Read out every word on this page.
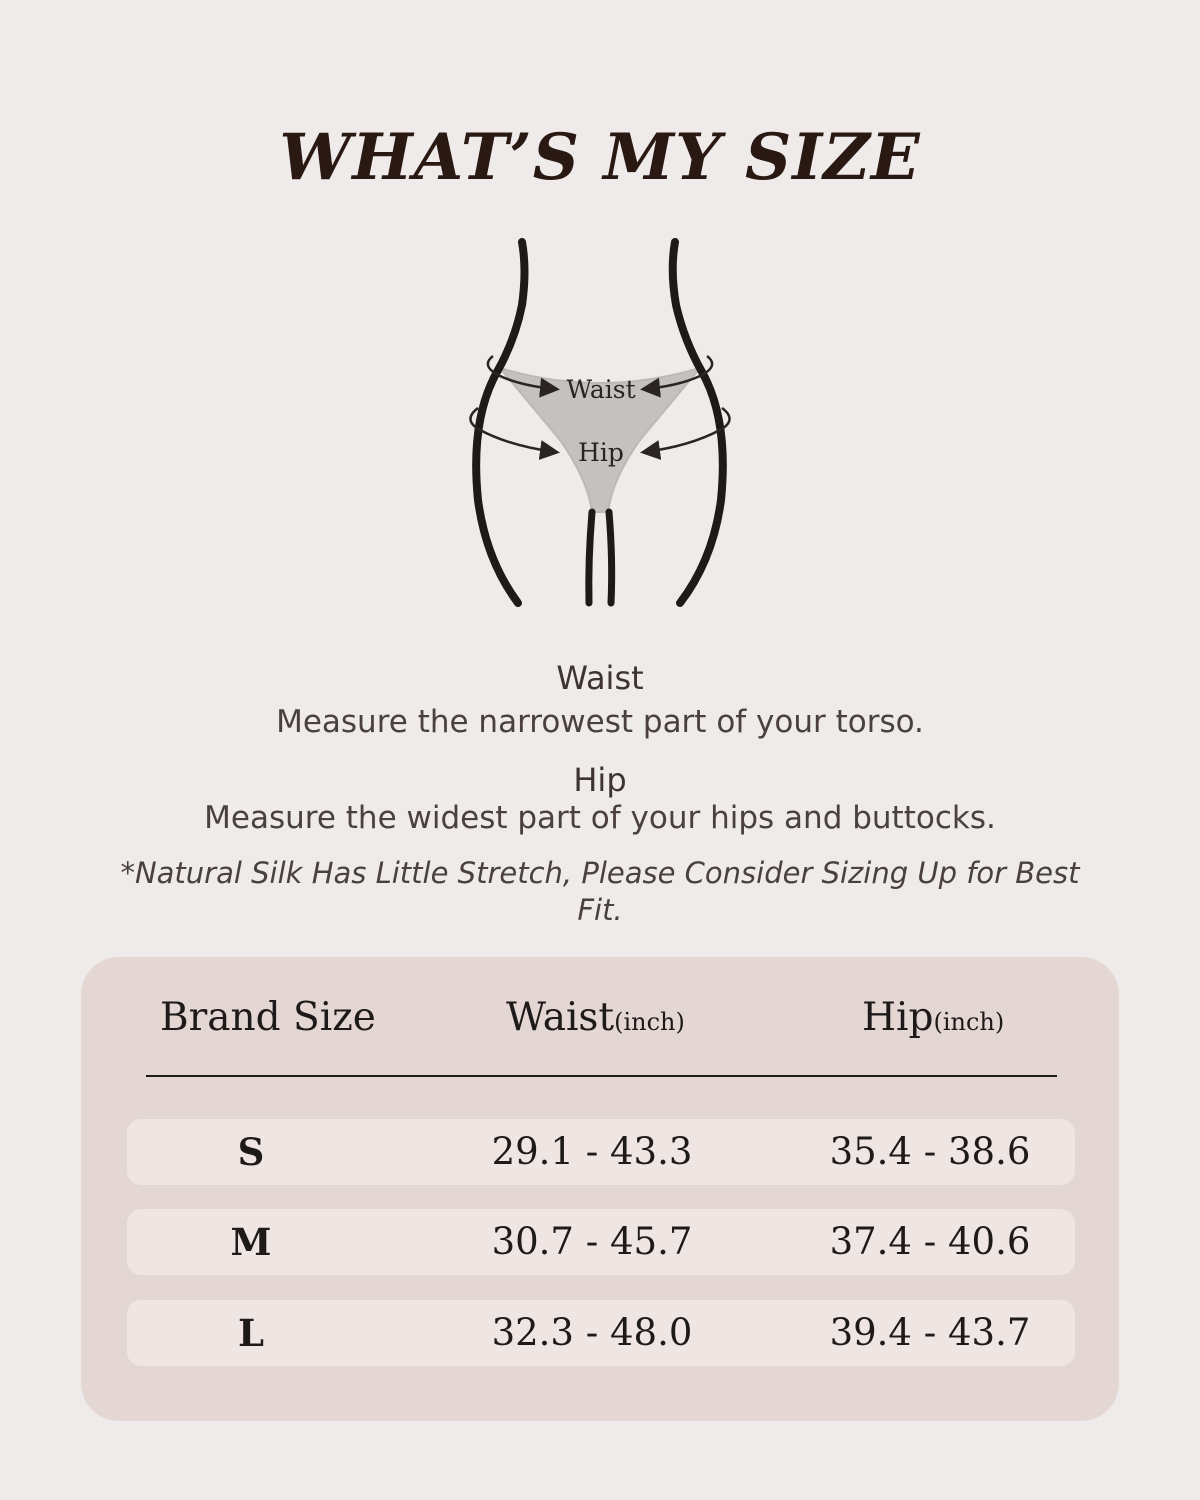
WHAT’S MY SIZE
Waist
Hip
Waist
Measure the narrowest part of your torso.
Hip
Measure the widest part of your hips and buttocks.
*Natural Silk Has Little Stretch, Please Consider Sizing Up for Best Fit.
Brand Size	Waist(inch)	Hip(inch)
S	29.1 - 43.3	35.4 - 38.6
M	30.7 - 45.7	37.4 - 40.6
L	32.3 - 48.0	39.4 - 43.7
